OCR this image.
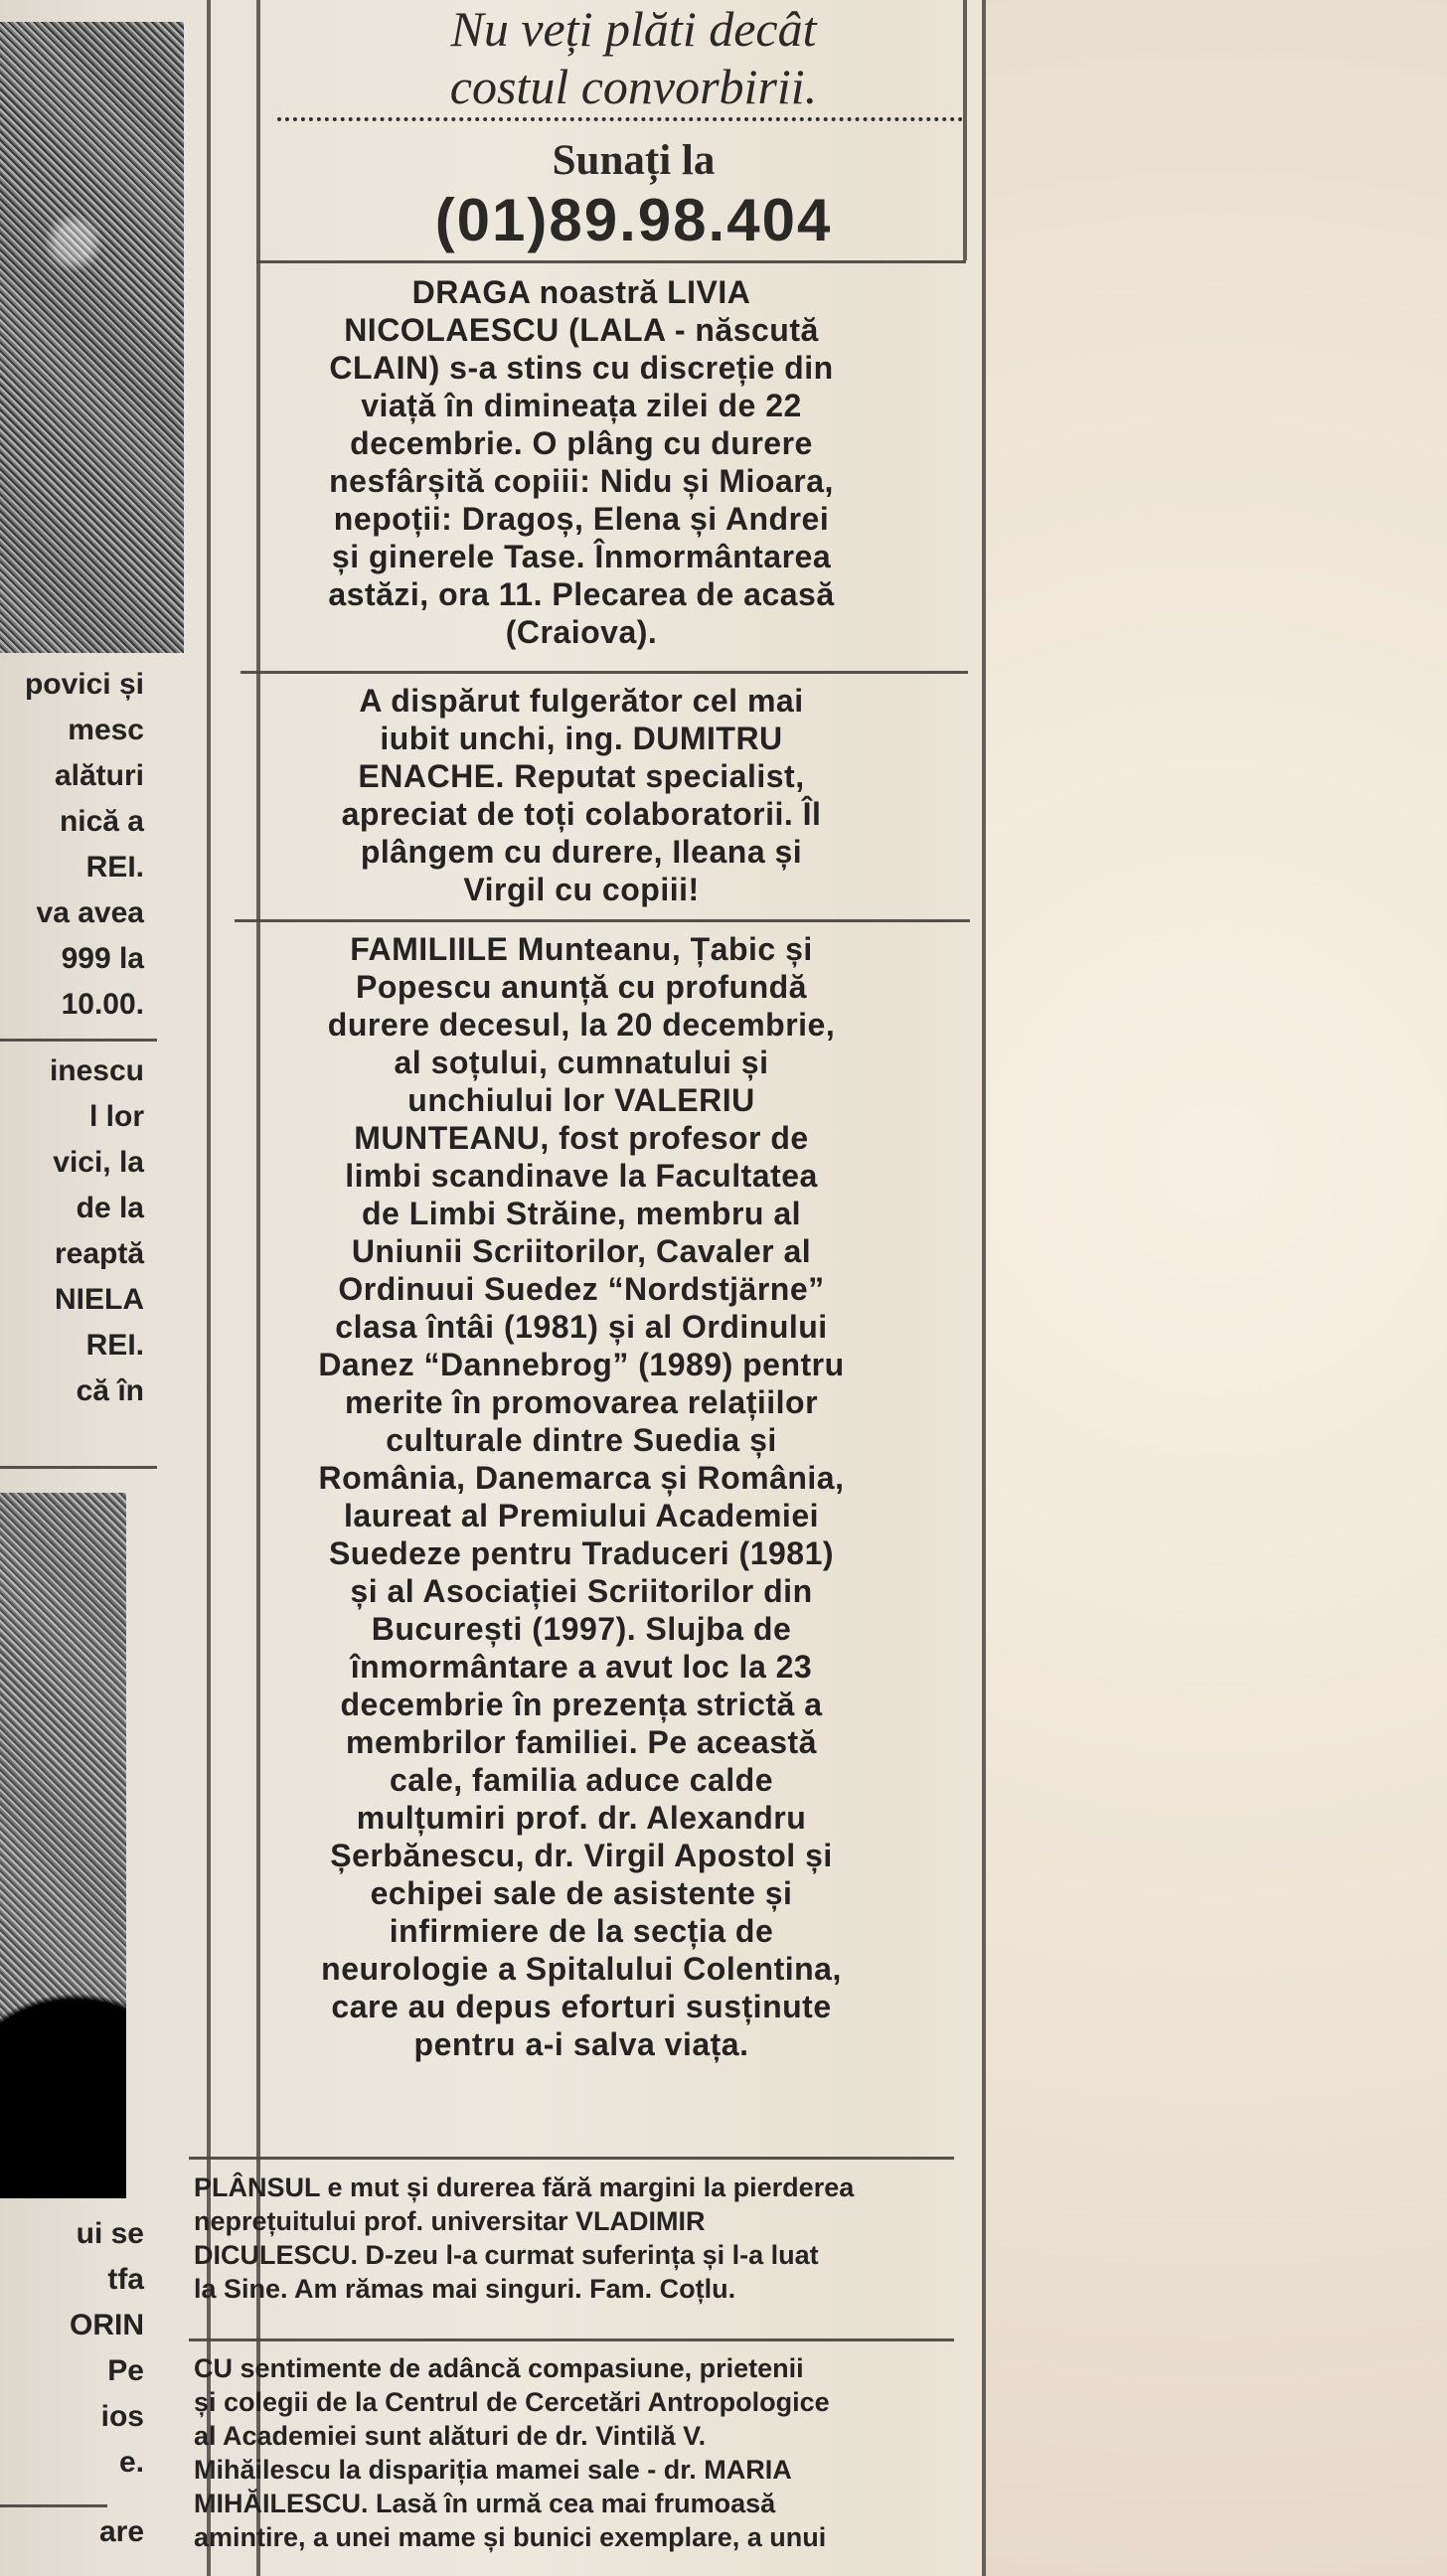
povici și
mesc
alături
nică a
REI.
va avea
999 la
10.00.
inescu
l lor
vici, la
de la
reaptă
NIELA
REI.
că în
ui se
tfa
ORIN
Pe
ios
e.
are
Nu veți plăti decât
costul convorbirii.
Sunați la
(01)89.98.404
DRAGA noastră LIVIA
NICOLAESCU (LALA - născută
CLAIN) s-a stins cu discreție din
viață în dimineața zilei de 22
decembrie. O plâng cu durere
nesfârșită copiii: Nidu și Mioara,
nepoții: Dragoș, Elena și Andrei
și ginerele Tase. Înmormântarea
astăzi, ora 11. Plecarea de acasă
(Craiova).
A dispărut fulgerător cel mai
iubit unchi, ing. DUMITRU
ENACHE. Reputat specialist,
apreciat de toți colaboratorii. Îl
plângem cu durere, Ileana și
Virgil cu copiii!
FAMILIILE Munteanu, Țabic și
Popescu anunță cu profundă
durere decesul, la 20 decembrie,
al soțului, cumnatului și
unchiului lor VALERIU
MUNTEANU, fost profesor de
limbi scandinave la Facultatea
de Limbi Străine, membru al
Uniunii Scriitorilor, Cavaler al
Ordinuui Suedez “Nordstjärne”
clasa întâi (1981) și al Ordinului
Danez “Dannebrog” (1989) pentru
merite în promovarea relațiilor
culturale dintre Suedia și
România, Danemarca și România,
laureat al Premiului Academiei
Suedeze pentru Traduceri (1981)
și al Asociației Scriitorilor din
București (1997). Slujba de
înmormântare a avut loc la 23
decembrie în prezența strictă a
membrilor familiei. Pe această
cale, familia aduce calde
mulțumiri prof. dr. Alexandru
Șerbănescu, dr. Virgil Apostol și
echipei sale de asistente și
infirmiere de la secția de
neurologie a Spitalului Colentina,
care au depus eforturi susținute
pentru a-i salva viața.
PLÂNSUL e mut și durerea fără margini la pierderea
neprețuitului prof. universitar VLADIMIR
DICULESCU. D-zeu l-a curmat suferința și l-a luat
la Sine. Am rămas mai singuri. Fam. Coțlu.
CU sentimente de adâncă compasiune, prietenii
și colegii de la Centrul de Cercetări Antropologice
al Academiei sunt alături de dr. Vintilă V.
Mihăilescu la dispariția mamei sale - dr. MARIA
MIHĂILESCU. Lasă în urmă cea mai frumoasă
amintire, a unei mame și bunici exemplare, a unui
